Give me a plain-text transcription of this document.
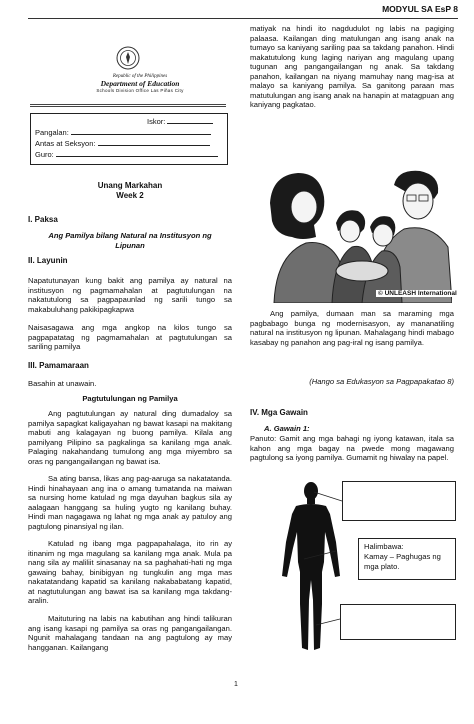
MODYUL SA EsP 8
Republic of the Philippines
Department of Education
Schools Division Office Las Piñas City
Iskor:
Pangalan:
Antas at Seksyon:
Guro:
Unang Markahan
Week 2
I. Paksa
Ang Pamilya bilang Natural na Institusyon ng Lipunan
II. Layunin
Napatutunayan kung bakit ang pamilya ay natural na institusyon ng pagmamahalan at pagtutulungan na nakatutulong sa pagpapaunlad ng sarili tungo sa makabuluhang pakikipagkapwa
Naisasagawa ang mga angkop na kilos tungo sa pagpapatatag ng pagmamahalan at pagtutulungan sa sariling pamilya
III. Pamamaraan
Basahin at unawain.
Pagtutulungan ng Pamilya
Ang pagtutulungan ay natural ding dumadaloy sa pamilya sapagkat kaligayahan ng bawat kasapi na makitang mabuti ang kalagayan ng buong pamilya. Kilala ang pamilyang Pilipino sa pagkalinga sa kanilang mga anak. Palaging nakahandang tumulong ang mga miyembro sa oras ng pangangailangan ng bawat isa.
Sa ating bansa, likas ang pag-aaruga sa nakatatanda. Hindi hinahayaan ang ina o amang tumatanda na maiwan sa nursing home katulad ng mga dayuhan bagkus sila ay aalagaan hanggang sa huling yugto ng kanilang buhay. Hindi man nagagawa ng lahat ng mga anak ay patuloy ang pagtulong pinansiyal ng ilan.
Katulad ng ibang mga pagpapahalaga, ito rin ay itinanim ng mga magulang sa kanilang mga anak. Mula pa nang sila ay maliliit sinasanay na sa paghahati-hati ng mga gawaing bahay, binibigyan ng tungkulin ang mga mas nakatatandang kapatid sa kanilang nakababatang kapatid, at nagtutulungan ang bawat isa sa kanilang mga takdang-aralin.
Maituturing na labis na kabutihan ang hindi talikuran ang isang kasapi ng pamilya sa oras ng pangangailangan. Ngunit mahalagang tandaan na ang pagtulong ay may hangganan. Kailangang
matiyak na hindi ito nagdudulot ng labis na pagiging palaasa. Kailangan ding matulungan ang isang anak na tumayo sa kaniyang sariling paa sa takdang panahon. Hindi makatutulong kung laging nariyan ang magulang upang tugunan ang pangangailangan ng anak. Sa takdang panahon, kailangan na niyang mamuhay nang mag-isa at malayo sa kaniyang pamilya. Sa ganitong paraan mas matutulungan ang isang anak na hanapin at matagpuan ang kaniyang pagkatao.
© UNLEASH International
Ang pamilya, dumaan man sa maraming mga pagbabago bunga ng modernisasyon, ay mananatiling natural na institusyon ng lipunan. Mahalagang hindi mabago kasabay ng panahon ang pag-iral ng isang pamilya.
(Hango sa Edukasyon sa Pagpapakatao 8)
IV. Mga Gawain
A. Gawain 1:
Panuto: Gamit ang mga bahagi ng iyong katawan, itala sa kahon ang mga bagay na pwede mong magawang pagtulong sa iyong pamilya. Gumamit ng hiwalay na papel.
Halimbawa:
Kamay – Paghugas ng mga plato.
1
